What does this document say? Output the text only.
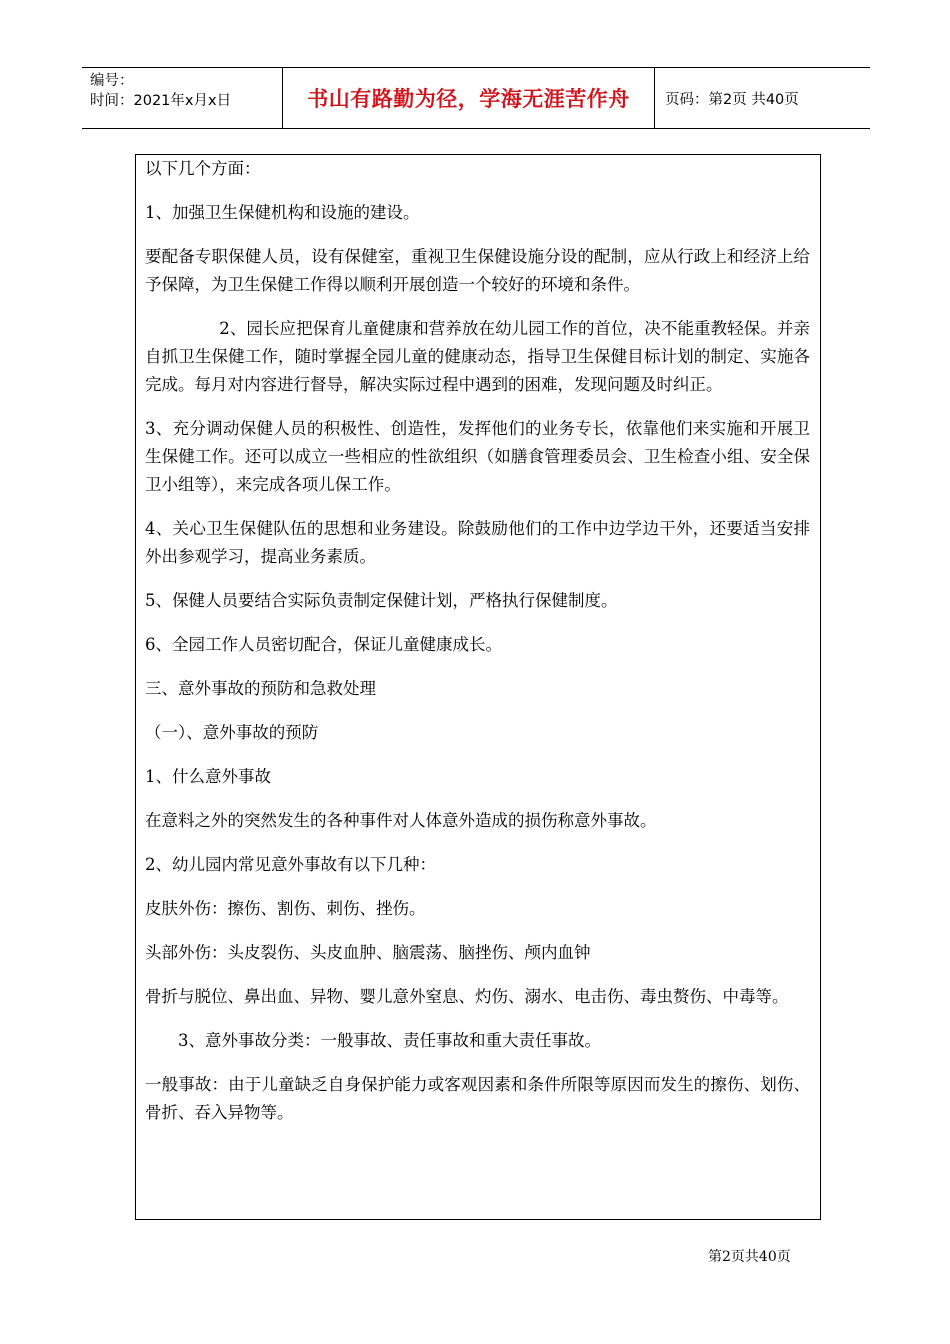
编号：
时间：2021年x月x日	书山有路勤为径，学海无涯苦作舟	页码：第2页 共40页

以下几个方面：

1、加强卫生保健机构和设施的建设。

要配备专职保健人员，设有保健室，重视卫生保健设施分设的配制，应从行政上和经济上给予保障，为卫生保健工作得以顺利开展创造一个较好的环境和条件。

2、园长应把保育儿童健康和营养放在幼儿园工作的首位，决不能重教轻保。并亲自抓卫生保健工作，随时掌握全园儿童的健康动态，指导卫生保健目标计划的制定、实施各完成。每月对内容进行督导，解决实际过程中遇到的困难，发现问题及时纠正。

3、充分调动保健人员的积极性、创造性，发挥他们的业务专长，依靠他们来实施和开展卫生保健工作。还可以成立一些相应的性欲组织（如膳食管理委员会、卫生检查小组、安全保卫小组等），来完成各项儿保工作。

4、关心卫生保健队伍的思想和业务建设。除鼓励他们的工作中边学边干外，还要适当安排外出参观学习，提高业务素质。

5、保健人员要结合实际负责制定保健计划，严格执行保健制度。

6、全园工作人员密切配合，保证儿童健康成长。

三、意外事故的预防和急救处理

（一）、意外事故的预防

1、什么意外事故

在意料之外的突然发生的各种事件对人体意外造成的损伤称意外事故。

2、幼儿园内常见意外事故有以下几种：

皮肤外伤：擦伤、割伤、刺伤、挫伤。

头部外伤：头皮裂伤、头皮血肿、脑震荡、脑挫伤、颅内血钟

骨折与脱位、鼻出血、异物、婴儿意外窒息、灼伤、溺水、电击伤、毒虫赘伤、中毒等。

3、意外事故分类：一般事故、责任事故和重大责任事故。

一般事故：由于儿童缺乏自身保护能力或客观因素和条件所限等原因而发生的擦伤、划伤、骨折、吞入异物等。

第2页共40页
